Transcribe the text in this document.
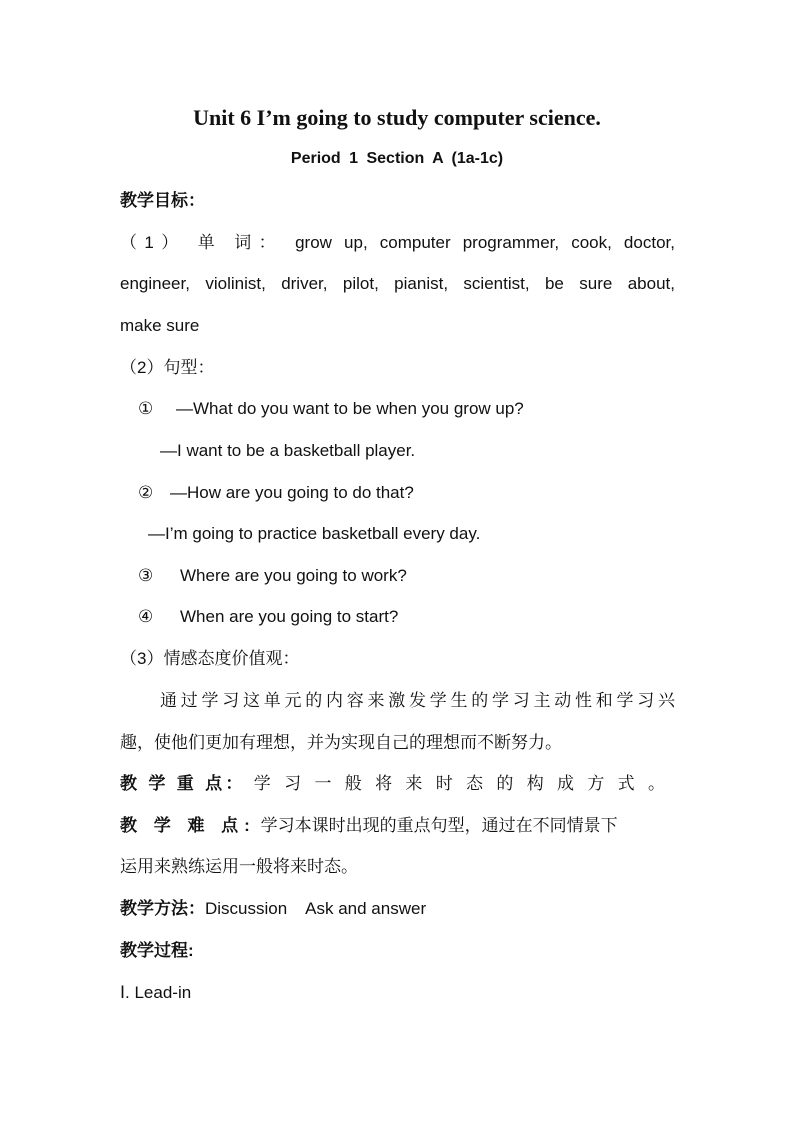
Unit 6 I’m going to study computer science.
Period 1 Section A (1a-1c)
教学目标：
（1） 单 词： grow up, computer programmer, cook, doctor,
engineer, violinist, driver, pilot, pianist, scientist, be sure about,
make sure
（2）句型：
① —What do you want to be when you grow up?
—I want to be a basketball player.
② —How are you going to do that?
—I’m going to practice basketball every day.
③ Where are you going to work?
④ When are you going to start?
（3）情感态度价值观：
通过学习这单元的内容来激发学生的学习主动性和学习兴
趣，使他们更加有理想，并为实现自己的理想而不断努力。
教 学 重 点： 学习一般将来时态的构成方式。
教 学 难 点: 学习本课时出现的重点句型，通过在不同情景下
运用来熟练运用一般将来时态。
教学方法：Discussion    Ask and answer
教学过程:
Ⅰ. Lead-in
